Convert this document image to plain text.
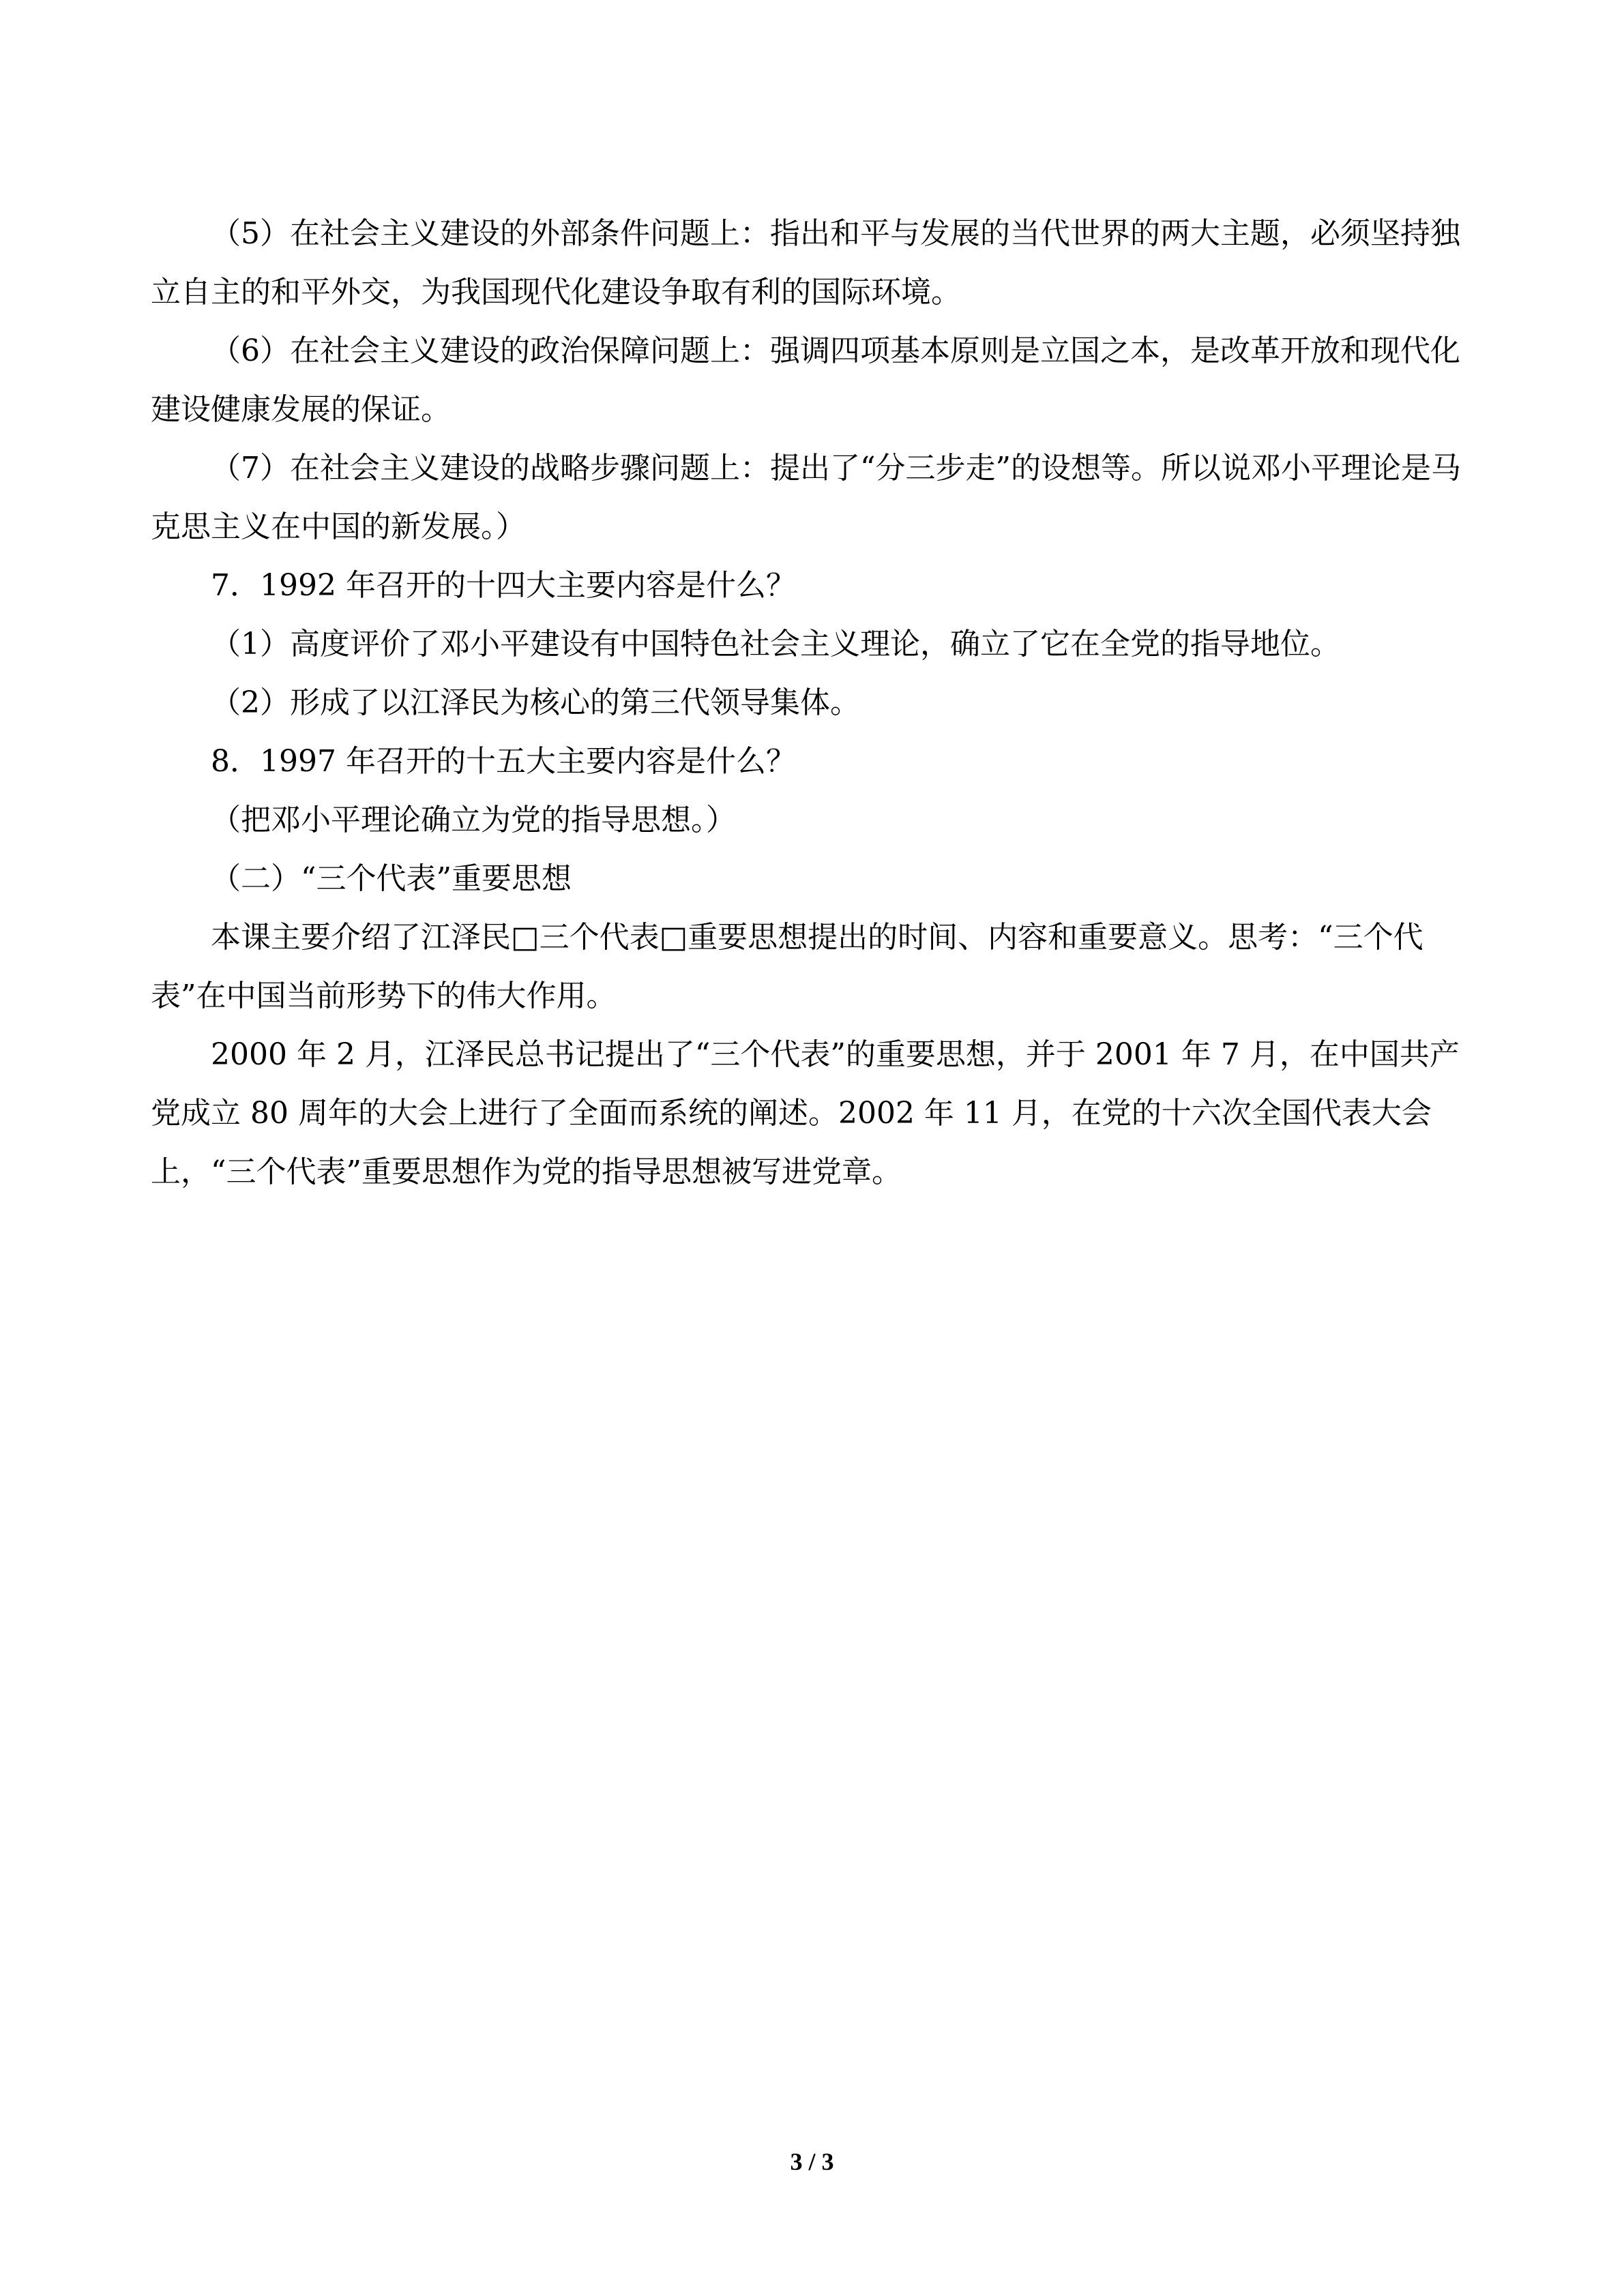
（5）在社会主义建设的外部条件问题上：指出和平与发展的当代世界的两大主题，必须坚持独立自主的和平外交，为我国现代化建设争取有利的国际环境。

（6）在社会主义建设的政治保障问题上：强调四项基本原则是立国之本，是改革开放和现代化建设健康发展的保证。

（7）在社会主义建设的战略步骤问题上：提出了“分三步走”的设想等。所以说邓小平理论是马克思主义在中国的新发展。）

7．1992 年召开的十四大主要内容是什么？

（1）高度评价了邓小平建设有中国特色社会主义理论，确立了它在全党的指导地位。

（2）形成了以江泽民为核心的第三代领导集体。

8．1997 年召开的十五大主要内容是什么？

（把邓小平理论确立为党的指导思想。）

（二）“三个代表”重要思想

本课主要介绍了江泽民□三个代表□重要思想提出的时间、内容和重要意义。思考：“三个代表”在中国当前形势下的伟大作用。

2000 年 2 月，江泽民总书记提出了“三个代表”的重要思想，并于 2001 年 7 月，在中国共产党成立 80 周年的大会上进行了全面而系统的阐述。2002 年 11 月，在党的十六次全国代表大会上，“三个代表”重要思想作为党的指导思想被写进党章。

3 / 3
